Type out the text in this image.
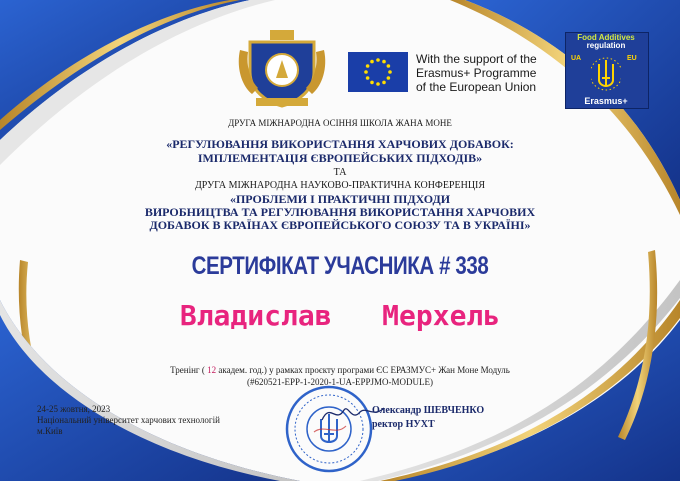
With the support of the
Erasmus+ Programme
of the European Union
Food Additives
regulation
UA	EU
Erasmus+
ДРУГА МІЖНАРОДНА ОСІННЯ ШКОЛА ЖАНА МОНЕ
«РЕГУЛЮВАННЯ ВИКОРИСТАННЯ ХАРЧОВИХ ДОБАВОК:
ІМПЛЕМЕНТАЦІЯ ЄВРОПЕЙСЬКИХ ПІДХОДІВ»
ТА
ДРУГА МІЖНАРОДНА НАУКОВО-ПРАКТИЧНА КОНФЕРЕНЦІЯ
«ПРОБЛЕМИ І ПРАКТИЧНІ ПІДХОДИ
ВИРОБНИЦТВА ТА РЕГУЛЮВАННЯ ВИКОРИСТАННЯ ХАРЧОВИХ
ДОБАВОК В КРАЇНАХ ЄВРОПЕЙСЬКОГО СОЮЗУ ТА В УКРАЇНІ»
СЕРТИФІКАТ УЧАСНИКА # 338
Владислав   Мерхель
Тренінг ( 12 академ. год.) у рамках проєкту програми ЄС ЕРАЗМУС+ Жан Моне Модуль
(#620521-EPP-1-2020-1-UA-EPPJMO-MODULE)
24-25 жовтня, 2023
Національний університет харчових технологій
м.Київ
Олександр ШЕВЧЕНКО
ректор НУХТ
